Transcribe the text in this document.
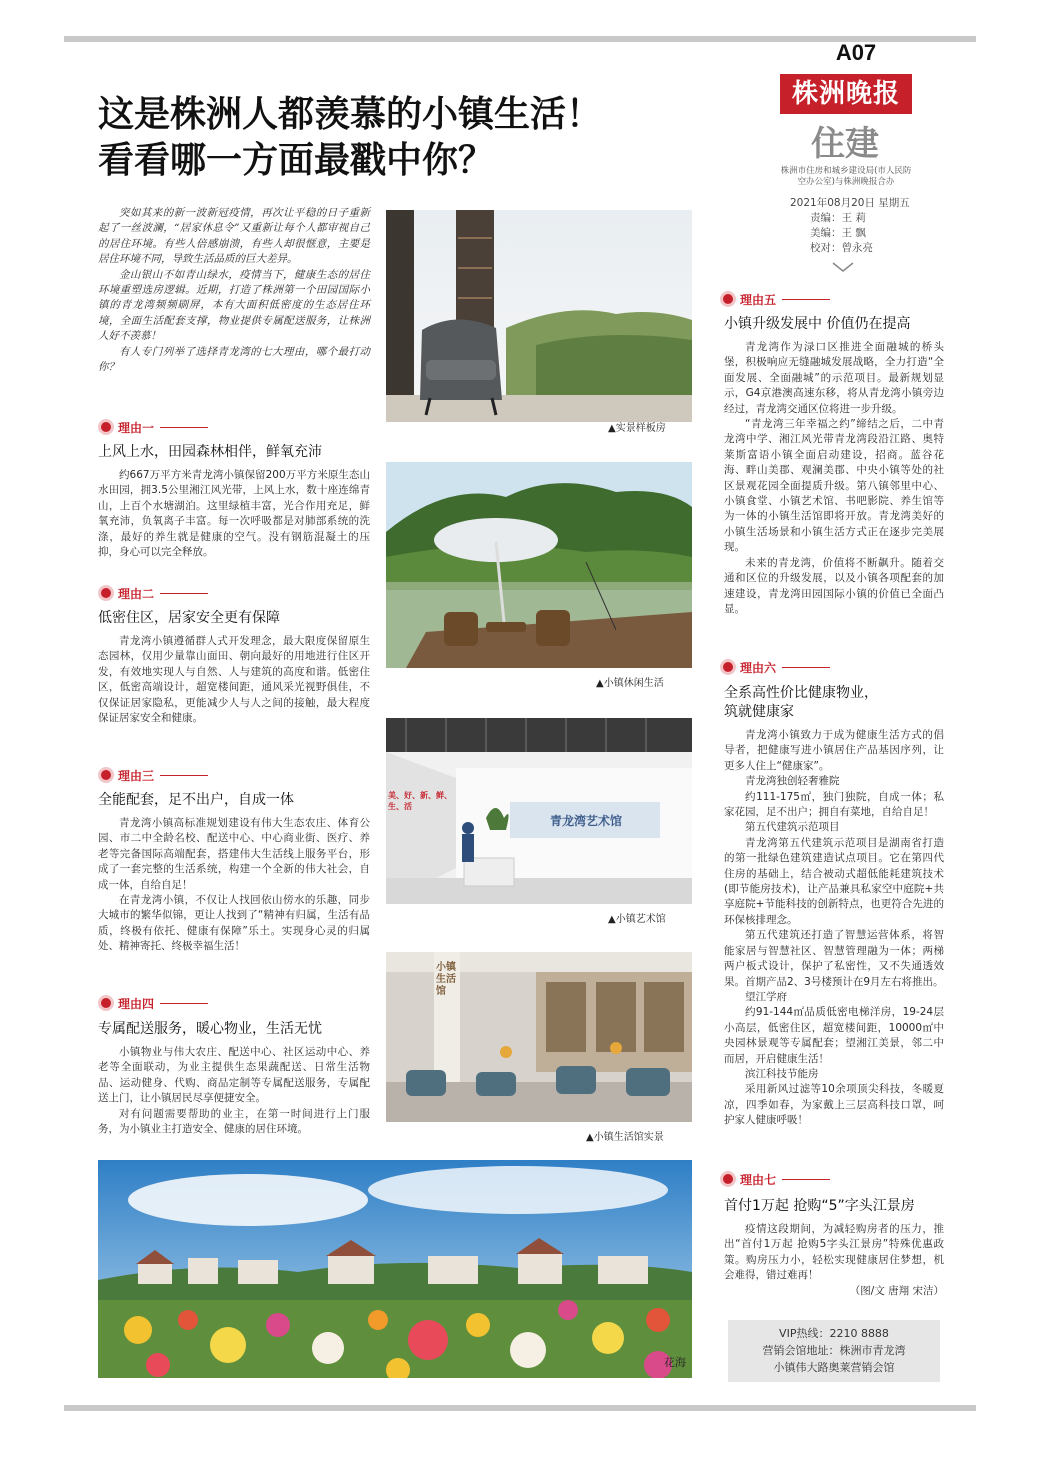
A07
株洲晚报
住建
株洲市住房和城乡建设局(市人民防空办公室)与株洲晚报合办
2021年08月20日 星期五
责编：王 莉
美编：王 飘
校对：曾永亮
这是株洲人都羡慕的小镇生活！
看看哪一方面最戳中你？

突如其来的新一波新冠疫情，再次让平稳的日子重新起了一丝波澜，“居家休息令”又重新让每个人都审视自己的居住环境。有些人倍感崩溃，有些人却很惬意，主要是居住环境不同，导致生活品质的巨大差异。

金山银山不如青山绿水，疫情当下，健康生态的居住环境重塑选房逻辑。近期，打造了株洲第一个田园国际小镇的青龙湾频频刷屏，本有大面积低密度的生态居住环境，全面生活配套支撑，物业提供专属配送服务，让株洲人好不羡慕！

有人专门列举了选择青龙湾的七大理由，哪个最打动你？

理由一
上风上水，田园森林相伴，鲜氧充沛

约667万平方米青龙湾小镇保留200万平方米原生态山水田园，拥3.5公里湘江风光带，上风上水，数十座连绵青山，上百个水塘湖泊。这里绿植丰富，光合作用充足，鲜氧充沛，负氧离子丰富。每一次呼吸都是对肺部系统的洗涤，最好的养生就是健康的空气。没有钢筋混凝土的压抑，身心可以完全释放。

理由二
低密住区，居家安全更有保障

青龙湾小镇遵循群人式开发理念，最大限度保留原生态园林，仅用少量靠山面田、朝向最好的用地进行住区开发，有效地实现人与自然、人与建筑的高度和谐。低密住区，低密高端设计，超宽楼间距，通风采光视野俱佳，不仅保证居家隐私，更能减少人与人之间的接触，最大程度保证居家安全和健康。

理由三
全能配套，足不出户，自成一体

青龙湾小镇高标准规划建设有伟大生态农庄、体育公园、市二中全龄名校、配送中心、中心商业街、医疗、养老等完备国际高端配套，搭建伟大生活线上服务平台，形成了一套完整的生活系统，构建一个全新的伟大社会，自成一体，自给自足！

在青龙湾小镇，不仅让人找回依山傍水的乐趣，同步大城市的繁华似锦，更让人找到了“精神有归属，生活有品质，终极有依托、健康有保障”乐土。实现身心灵的归属处、精神寄托、终极幸福生活！

理由四
专属配送服务，暖心物业，生活无忧

小镇物业与伟大农庄、配送中心、社区运动中心、养老等全面联动，为业主提供生态果蔬配送、日常生活物品、运动健身、代购、商品定制等专属配送服务，专属配送上门，让小镇居民尽享便捷安全。

对有问题需要帮助的业主，在第一时间进行上门服务，为小镇业主打造安全、健康的居住环境。

▲实景样板房
▲小镇休闲生活
美、好、新、鲜、生、活
青龙湾艺术馆
▲小镇艺术馆
小镇生活馆
▲小镇生活馆实景
花海
理由五
小镇升级发展中 价值仍在提高

青龙湾作为渌口区推进全面融城的桥头堡，积极响应无缝融城发展战略，全力打造“全面发展、全面融城”的示范项目。最新规划显示，G4京港澳高速东移，将从青龙湾小镇旁边经过，青龙湾交通区位将进一步升级。

“青龙湾三年幸福之约”缔结之后，二中青龙湾中学、湘江风光带青龙湾段沿江路、奥特莱斯富语小镇全面启动建设，招商。蓝谷花海、畔山美郡、观澜美郡、中央小镇等处的社区景观花园全面提质升级。第八镇邻里中心、小镇食堂、小镇艺术馆、书吧影院、养生馆等为一体的小镇生活馆即将开放。青龙湾美好的小镇生活场景和小镇生活方式正在逐步完美展现。

未来的青龙湾，价值将不断飙升。随着交通和区位的升级发展，以及小镇各项配套的加速建设，青龙湾田园国际小镇的价值已全面凸显。

理由六
全系高性价比健康物业，
筑就健康家

青龙湾小镇致力于成为健康生活方式的倡导者，把健康写进小镇居住产品基因序列，让更多人住上“健康家”。

青龙湾独创轻奢雅院

约111-175㎡，独门独院，自成一体；私家花园，足不出户；拥自有菜地，自给自足！

第五代建筑示范项目

青龙湾第五代建筑示范项目是湖南省打造的第一批绿色建筑建造试点项目。它在第四代住房的基础上，结合被动式超低能耗建筑技术(即节能房技术)，让产品兼具私家空中庭院+共享庭院+节能科技的创新特点，也更符合先进的环保核排理念。

第五代建筑还打造了智慧运营体系，将智能家居与智慧社区、智慧管理融为一体；两梯两户板式设计，保护了私密性，又不失通透效果。首期产品2、3号楼预计在9月左右将推出。

望江学府

约91-144㎡品质低密电梯洋房，19-24层小高层，低密住区，超宽楼间距，10000㎡中央园林景观等专属配套；望湘江美景，邻二中而居，开启健康生活！

滨江科技节能房

采用新风过滤等10余项顶尖科技，冬暖夏凉，四季如春，为家戴上三层高科技口罩，呵护家人健康呼吸！

理由七
首付1万起 抢购“5”字头江景房

疫情这段期间，为减轻购房者的压力，推出“首付1万起 抢购5字头江景房”特殊优惠政策。购房压力小，轻松实现健康居住梦想，机会难得，错过难再！

（图/文 唐翔 宋洁）
VIP热线：2210 8888
营销会馆地址：株洲市青龙湾
小镇伟大路奥莱营销会馆
